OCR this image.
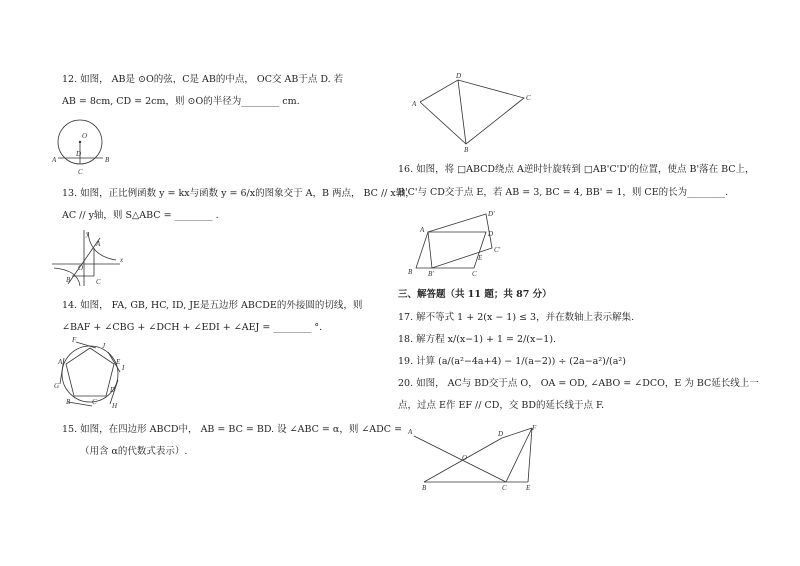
12. 如图， AB是 ⊙O的弦，C是 AB的中点， OC交 AB于点 D. 若
AB = 8cm, CD = 2cm，则 ⊙O的半径为________ cm.
O
A	B
D
C
13. 如图，正比例函数 y = kx与函数 y = 6/x的图象交于 A，B 两点， BC // x轴，
AC // y轴，则 S△ABC = ________ .
y
x
O
A
B	C
14. 如图， FA, GB, HC, ID, JE是五边形 ABCDE的外接圆的切线，则
∠BAF + ∠CBG + ∠DCH + ∠EDI + ∠AEJ = ________ °.
F
J
I
D
E
A
G
B	C H
15. 如图，在四边形 ABCD中， AB = BC = BD. 设 ∠ABC = α，则 ∠ADC =
（用含 α的代数式表示）.
A
B
C
D
16. 如图，将 □ABCD绕点 A逆时针旋转到 □AB'C'D'的位置，使点 B'落在 BC上，
B'C'与 CD交于点 E，若 AB = 3, BC = 4, BB' = 1，则 CE的长为________.
A
D'
D
C'
E
B B'	C
三、解答题（共 11 题；共 87 分）
17. 解不等式 1 + 2(x − 1) ≤ 3，并在数轴上表示解集.
18. 解方程 x/(x−1) + 1 = 2/(x−1).
19. 计算 (a/(a²−4a+4) − 1/(a−2)) ÷ (2a−a²)/(a²)
20. 如图， AC与 BD交于点 O， OA = OD, ∠ABO = ∠DCO，E 为 BC延长线上一
点，过点 E作 EF // CD，交 BD的延长线于点 F.
A	D
F
O
B	C	E
